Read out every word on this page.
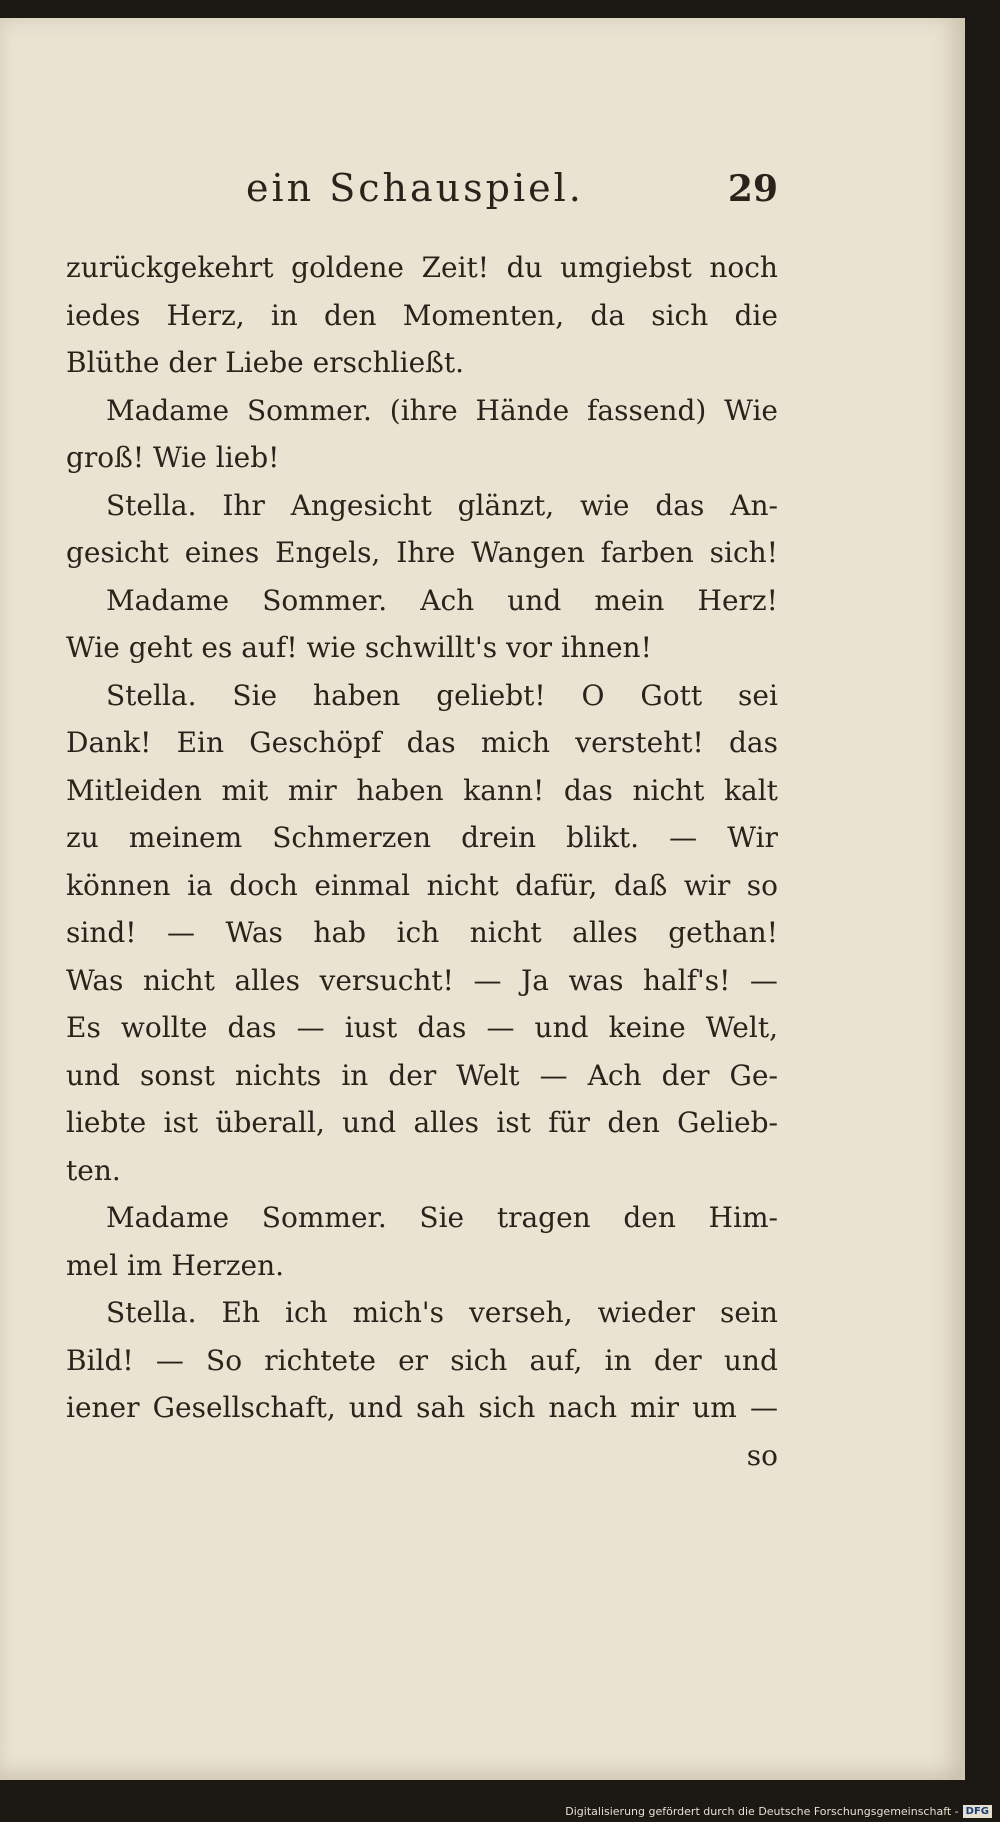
ein Schauspiel.	29
zurückgekehrt goldene Zeit! du umgiebst noch
iedes Herz, in den Momenten, da sich die
Blüthe der Liebe erschließt.
Madame Sommer. (ihre Hände fassend) Wie
groß! Wie lieb!
Stella. Ihr Angesicht glänzt, wie das An-
gesicht eines Engels, Ihre Wangen farben sich!
Madame Sommer. Ach und mein Herz!
Wie geht es auf! wie schwillt's vor ihnen!
Stella. Sie haben geliebt! O Gott sei
Dank! Ein Geschöpf das mich versteht! das
Mitleiden mit mir haben kann! das nicht kalt
zu meinem Schmerzen drein blikt. — Wir
können ia doch einmal nicht dafür, daß wir so
sind! — Was hab ich nicht alles gethan!
Was nicht alles versucht! — Ja was half's! —
Es wollte das — iust das — und keine Welt,
und sonst nichts in der Welt — Ach der Ge-
liebte ist überall, und alles ist für den Gelieb-
ten.
Madame Sommer. Sie tragen den Him-
mel im Herzen.
Stella. Eh ich mich's verseh, wieder sein
Bild! — So richtete er sich auf, in der und
iener Gesellschaft, und sah sich nach mir um —
so
Digitalisierung gefördert durch die Deutsche Forschungsgemeinschaft - DFG
